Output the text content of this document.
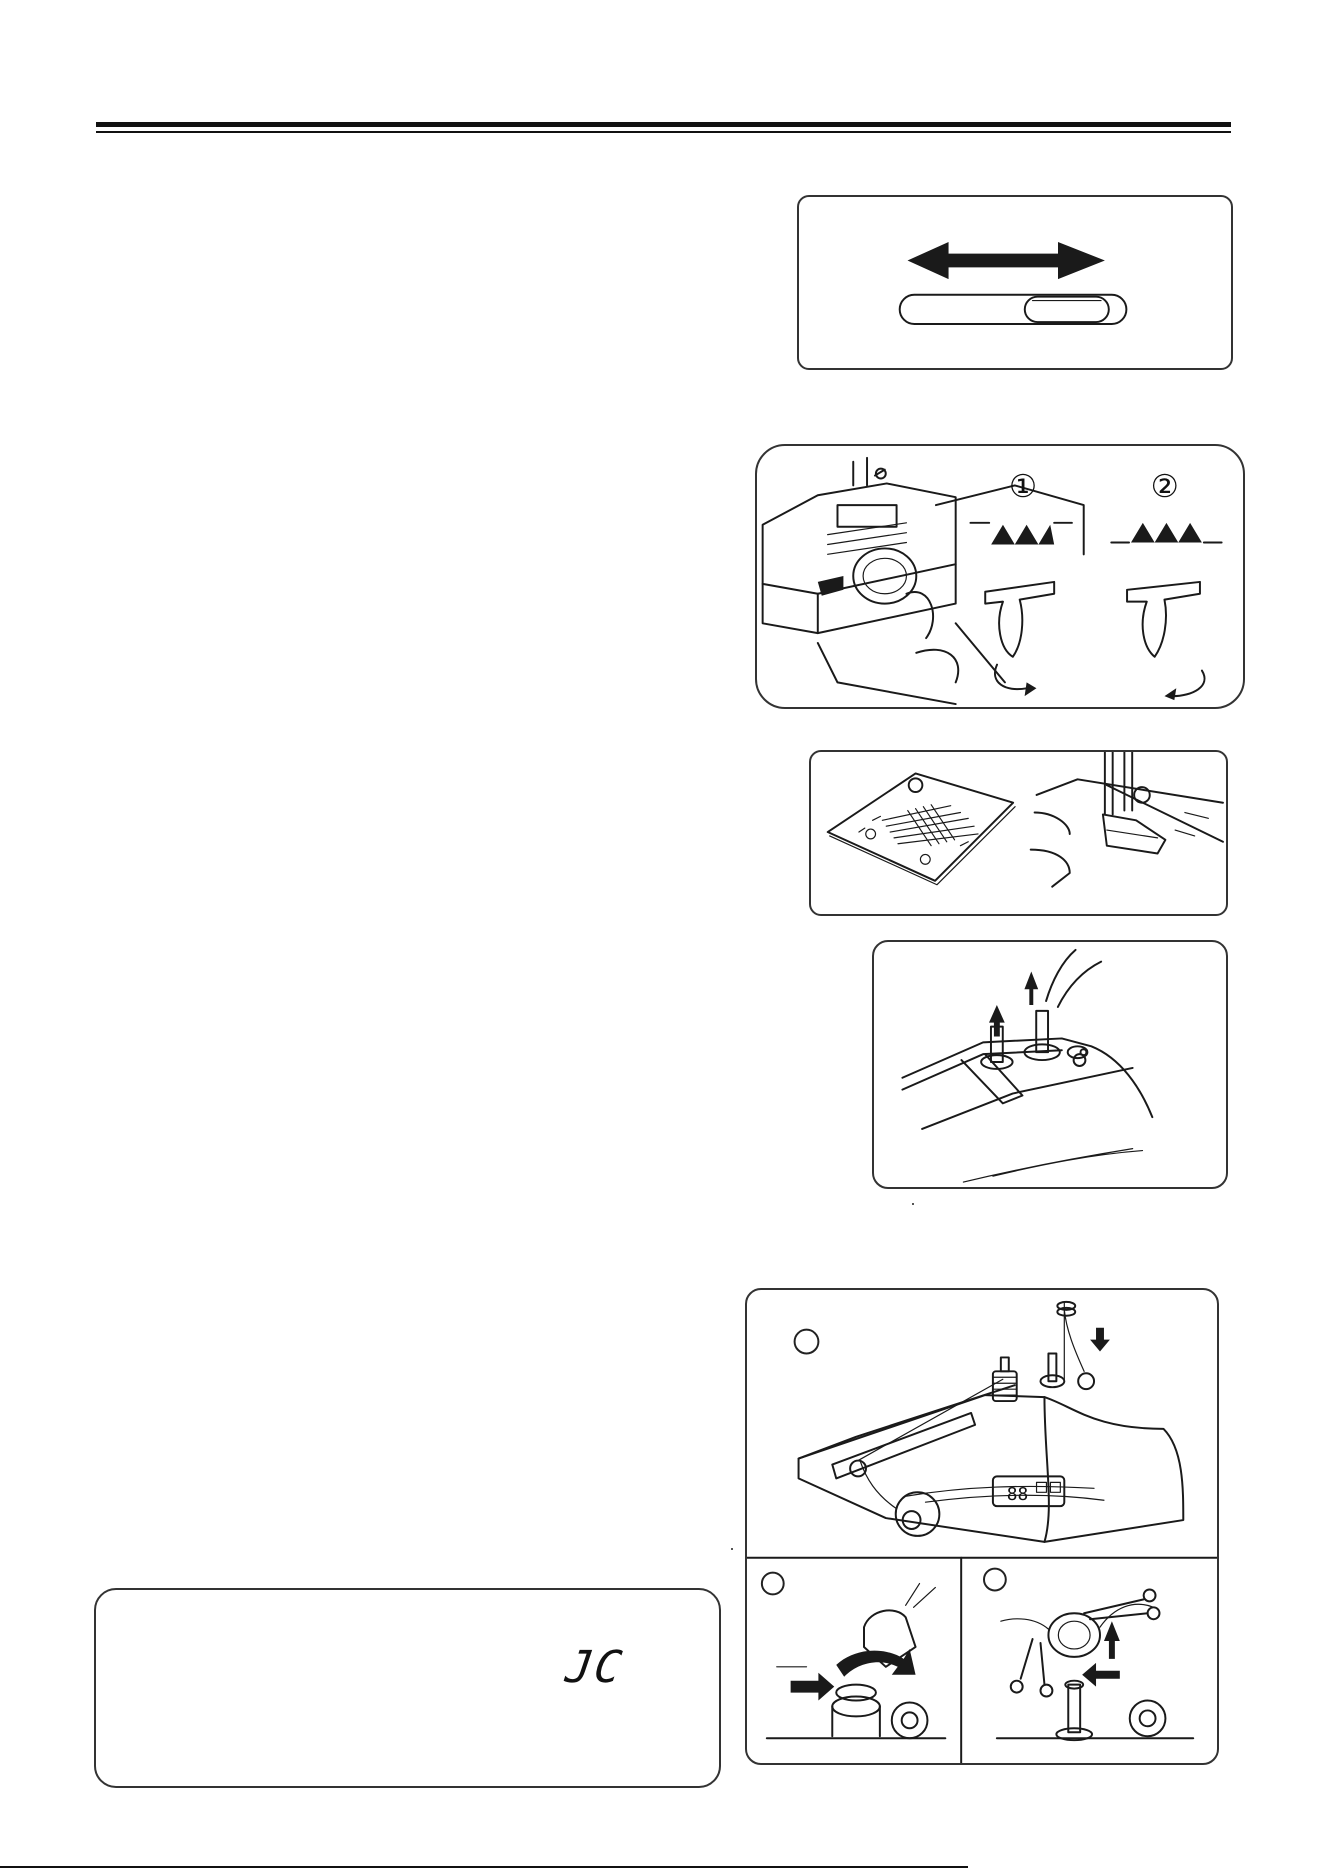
①	②
88
JC
